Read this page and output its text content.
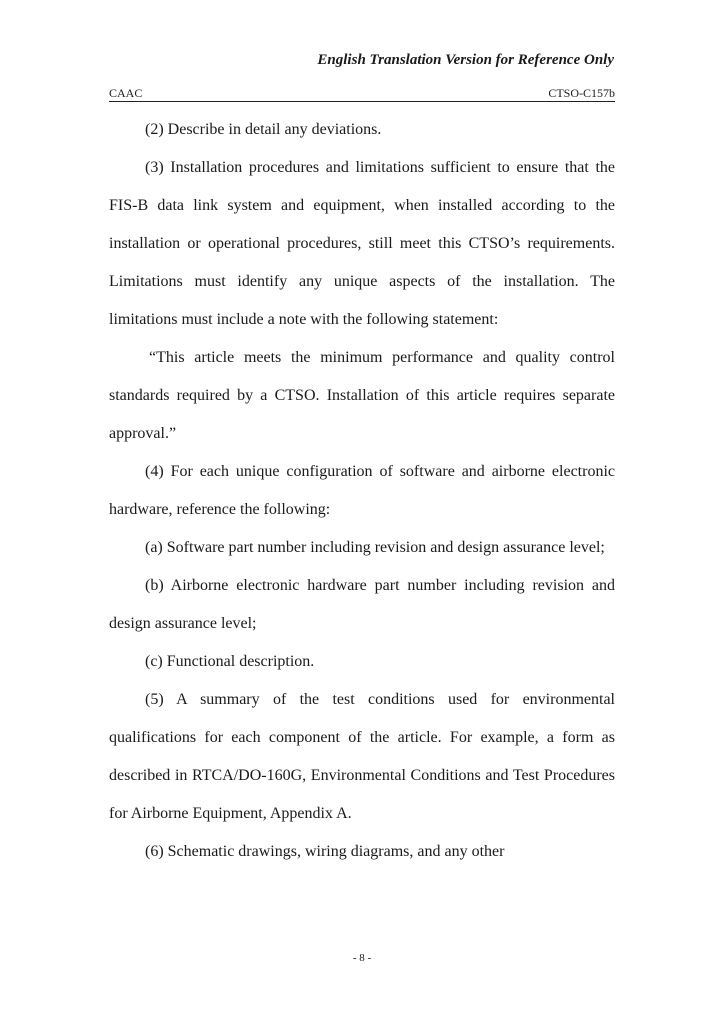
English Translation Version for Reference Only
CAAC	CTSO-C157b

(2) Describe in detail any deviations.

(3) Installation procedures and limitations sufficient to ensure that the FIS-B data link system and equipment, when installed according to the installation or operational procedures, still meet this CTSO’s requirements. Limitations must identify any unique aspects of the installation. The limitations must include a note with the following statement:

“This article meets the minimum performance and quality control standards required by a CTSO. Installation of this article requires separate approval.”

(4) For each unique configuration of software and airborne electronic hardware, reference the following:

(a) Software part number including revision and design assurance level;

(b) Airborne electronic hardware part number including revision and design assurance level;

(c) Functional description.

(5) A summary of the test conditions used for environmental qualifications for each component of the article. For example, a form as described in RTCA/DO-160G, Environmental Conditions and Test Procedures for Airborne Equipment, Appendix A.

(6) Schematic drawings, wiring diagrams, and any other

- 8 -
